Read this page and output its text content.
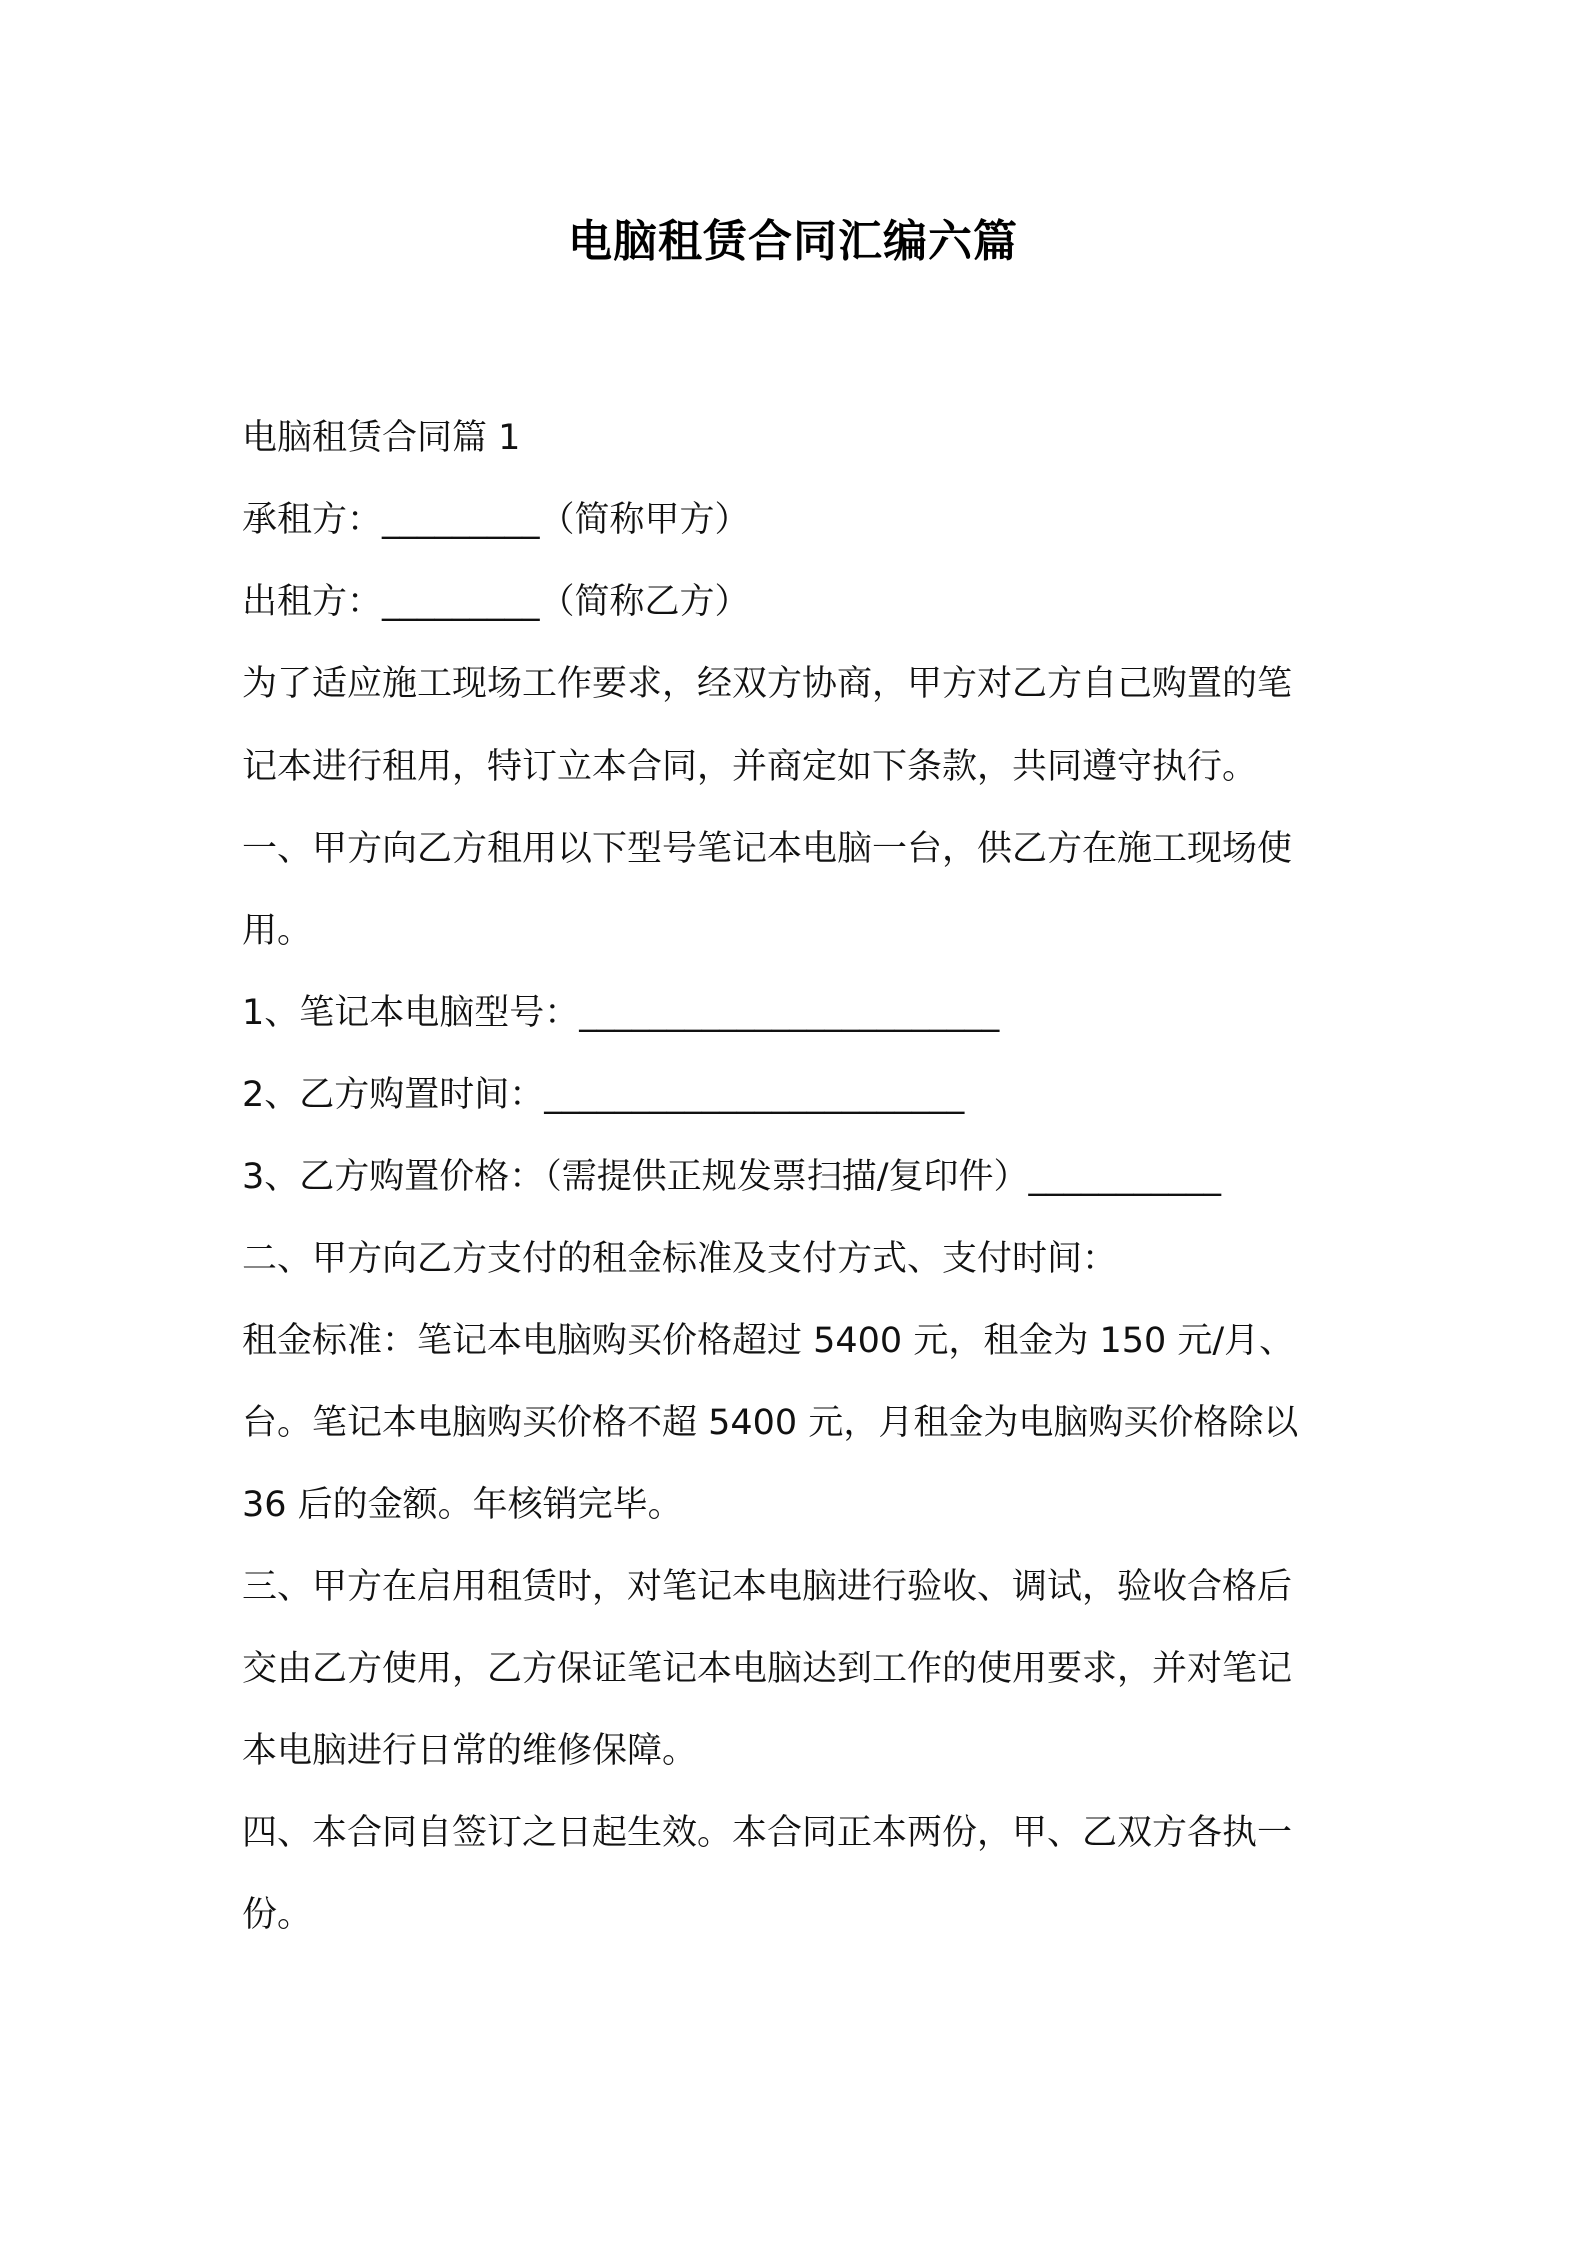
电脑租赁合同汇编六篇
电脑租赁合同篇 1
承租方：_________（简称甲方）
出租方：_________（简称乙方）
为了适应施工现场工作要求，经双方协商，甲方对乙方自己购置的笔
记本进行租用，特订立本合同，并商定如下条款，共同遵守执行。
一、甲方向乙方租用以下型号笔记本电脑一台，供乙方在施工现场使
用。
1、笔记本电脑型号：________________________
2、乙方购置时间：________________________
3、乙方购置价格：（需提供正规发票扫描/复印件）___________
二、甲方向乙方支付的租金标准及支付方式、支付时间：
租金标准：笔记本电脑购买价格超过 5400 元，租金为 150 元/月、
台。笔记本电脑购买价格不超 5400 元，月租金为电脑购买价格除以
36 后的金额。年核销完毕。
三、甲方在启用租赁时，对笔记本电脑进行验收、调试，验收合格后
交由乙方使用，乙方保证笔记本电脑达到工作的使用要求，并对笔记
本电脑进行日常的维修保障。
四、本合同自签订之日起生效。本合同正本两份，甲、乙双方各执一
份。
